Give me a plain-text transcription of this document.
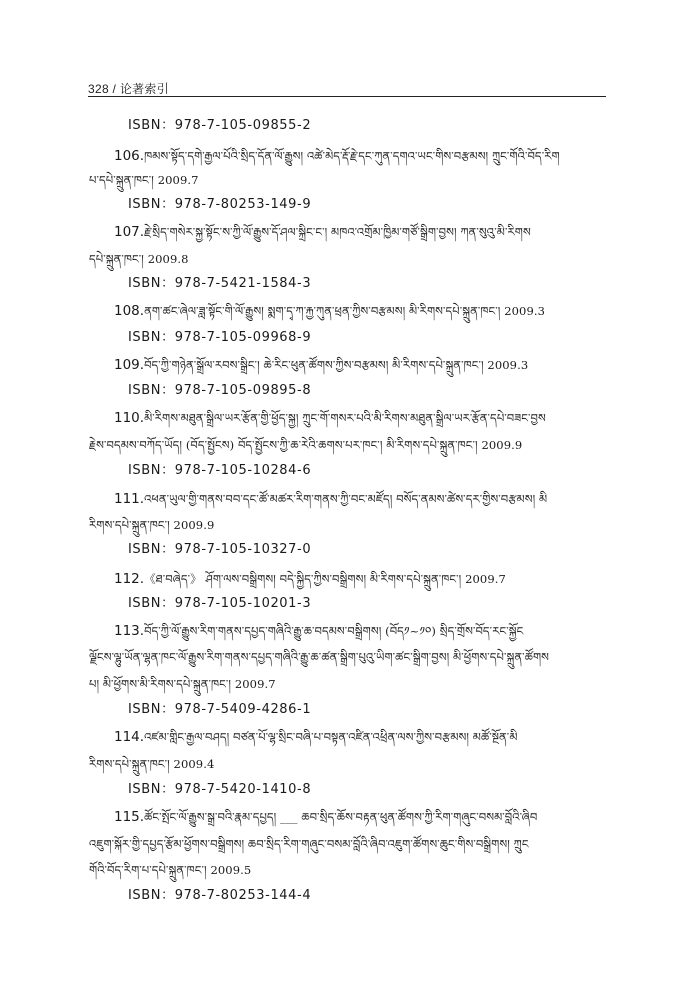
328 / 论著索引
ISBN：978-7-105-09855-2
106.ཁམས་སྟོད་དགེ་རྒྱལ་པོའི་སྲིད་དོན་ལོ་རྒྱུས། འཚེ་མེད་རྡོ་རྗེ་དང་ཀུན་དགའ་ཡང་གིས་བརྩམས། ཀྲུང་གོའི་བོད་རིག
པ་དཔེ་སྐྲུན་ཁང་། 2009.7
ISBN：978-7-80253-149-9
107.རྗེ་སྲིད་གསེར་སྐྱ་སྟོང་ས་ཀྱི་ལོ་རྒྱུས་དོ་ཤལ་སྐྲིང་ང་། མཁའ་འགྲོམ་ཁྱིམ་གཙོ་སྒྲིག་བྱས། ཀན་སུའུ་མི་རིགས
དཔེ་སྐྲུན་ཁང་། 2009.8
ISBN：978-7-5421-1584-3
108.ནག་ཚང་ཞེལ་ཟླ་སྟོང་གི་ལོ་རྒྱུས། སྨག་དྭ་ཀ་རྐྱ་ཀུན་ཕྲན་ཀྱིས་བརྩམས། མི་རིགས་དཔེ་སྐྲུན་ཁང་། 2009.3
ISBN：978-7-105-09968-9
109.བོད་ཀྱི་གཉེན་སྒྲོལ་རབས་སྒྲིང་། ཆེ་རིང་ཕུན་ཚོགས་ཀྱིས་བརྩམས། མི་རིགས་དཔེ་སྐྲུན་ཁང་། 2009.3
ISBN：978-7-105-09895-8
110.མི་རིགས་མཐུན་སྒྲིལ་ཡར་རྩོན་གྱི་ཕྱོད་སྐྱ། ཀྲུང་གོ་གསར་པའི་མི་རིགས་མཐུན་སྒྲིལ་ཡར་རྩོན་དཔེ་བཟང་བྱས
རྗེས་བདམས་བཀོད་ཡོད། (བོད་སྤྱོངས) བོད་སྤྱོངས་ཀྱི་ཆ་རེའི་ཆགས་པར་ཁང་། མི་རིགས་དཔེ་སྐྲུན་ཁང་། 2009.9
ISBN：978-7-105-10284-6
111.འཕན་ཡུལ་གྱི་གནས་བབ་དང་ཚོ་མཚར་རིག་གནས་ཀྱི་བང་མཛོད། བསོད་ནམས་ཚེས་དར་གྱིས་བརྩམས། མི
རིགས་དཔེ་སྐྲུན་ཁང་། 2009.9
ISBN：978-7-105-10327-0
112.《ཐ་བཞེད་》 ཤོག་ལས་བསྒྲིགས། བདེ་སྐྱིད་ཀྱིས་བསྒྲིགས། མི་རིགས་དཔེ་སྐྲུན་ཁང་། 2009.7
ISBN：978-7-105-10201-3
113.བོད་ཀྱི་ལོ་རྒྱུས་རིག་གནས་དཔྱད་གཞིའི་རྒྱུ་ཆ་བདམས་བསྒྲིགས། (བོད༡~༡༠) སྲིད་གྲོས་བོད་རང་སྐྱོང
ལྗོངས་ལྷུ་ཡོན་ལྷན་ཁང་ལོ་རྒྱུས་རིག་གནས་དཔྱད་གཞིའི་རྒྱུ་ཆ་ཚན་སྒྲིག་པུའུ་ཡིག་ཚང་སྒྲིག་བྱས། མི་ཕྱོགས་དཔེ་སྐྲུན་ཚོགས
པ། མི་ཕྱོགས་མི་རིགས་དཔེ་སྐྲུན་ཁང་། 2009.7
ISBN：978-7-5409-4286-1
114.འཛམ་གླིང་རྒྱལ་བཤད། བཙན་པོ་ལྷ་སྲིང་བཞི་པ་བསྟན་འཛིན་འཕྲིན་ལས་ཀྱིས་བརྩམས། མཚོ་སྔོན་མི
རིགས་དཔེ་སྐྲུན་ཁང་། 2009.4
ISBN：978-7-5420-1410-8
115.ཚོང་སྤོང་ལོ་རྒྱུས་སྒྲ་བའི་རྣམ་དཔྱད། ___ ཆབ་སྲིད་ཆོས་བརྟན་ཕུན་ཚོགས་ཀྱི་རིག་གཞུང་བསམ་བློའི་ཞིབ
འཇུག་སྐོར་གྱི་དཔྱད་རྩོམ་ཕྱོགས་བསྒྲིགས། ཆབ་སྲིད་རིག་གཞུང་བསམ་བློའི་ཞིབ་འཇུག་ཚོགས་ཆུང་གིས་བསྒྲིགས། ཀྲུང
གོའི་བོད་རིག་པ་དཔེ་སྐྲུན་ཁང་། 2009.5
ISBN：978-7-80253-144-4
